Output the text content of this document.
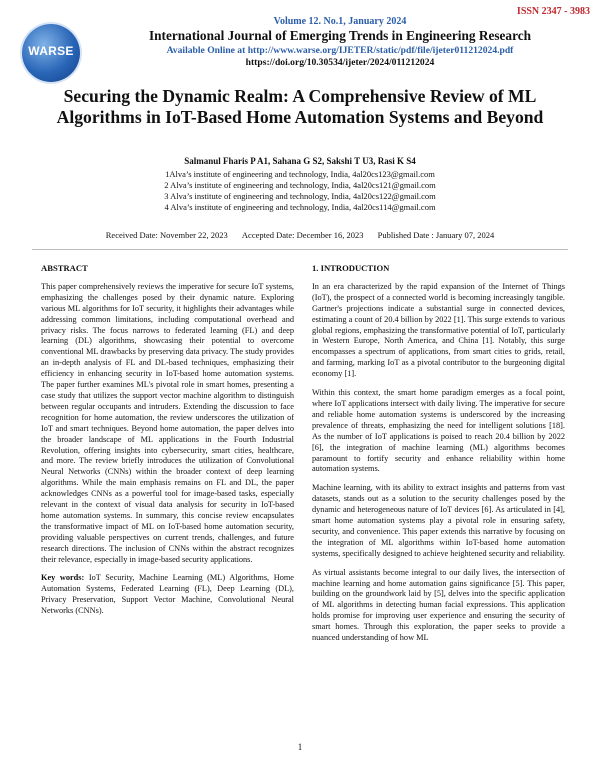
ISSN 2347 - 3983
WARSE
Volume 12. No.1, January 2024
International Journal of Emerging Trends in Engineering Research
Available Online at http://www.warse.org/IJETER/static/pdf/file/ijeter011212024.pdf
https://doi.org/10.30534/ijeter/2024/011212024
Securing the Dynamic Realm: A Comprehensive Review of ML Algorithms in IoT-Based Home Automation Systems and Beyond
Salmanul Fharis P A1, Sahana G S2, Sakshi T U3, Rasi K S4
1Alva’s institute of engineering and technology, India, 4al20cs123@gmail.com
2 Alva’s institute of engineering and technology, India, 4al20cs121@gmail.com
3 Alva’s institute of engineering and technology, India, 4al20cs122@gmail.com
4 Alva’s institute of engineering and technology, India, 4al20cs114@gmail.com
Received Date: November 22, 2023 Accepted Date: December 16, 2023 Published Date : January 07, 2024
ABSTRACT

This paper comprehensively reviews the imperative for secure IoT systems, emphasizing the challenges posed by their dynamic nature. Exploring various ML algorithms for IoT security, it highlights their advantages while addressing common limitations, including computational overhead and privacy risks. The focus narrows to federated learning (FL) and deep learning (DL) algorithms, showcasing their potential to overcome conventional ML drawbacks by preserving data privacy. The study provides an in-depth analysis of FL and DL-based techniques, emphasizing their efficiency in enhancing security in IoT-based home automation systems. The paper further examines ML's pivotal role in smart homes, presenting a case study that utilizes the support vector machine algorithm to distinguish between regular occupants and intruders. Extending the discussion to face recognition for home automation, the review underscores the utilization of IoT and smart techniques. Beyond home automation, the paper delves into the broader landscape of ML applications in the Fourth Industrial Revolution, offering insights into cybersecurity, smart cities, healthcare, and more. The review briefly introduces the utilization of Convolutional Neural Networks (CNNs) within the broader context of deep learning algorithms. While the main emphasis remains on FL and DL, the paper acknowledges CNNs as a powerful tool for image-based tasks, especially relevant in the context of visual data analysis for security in IoT-based home automation systems. In summary, this concise review encapsulates the transformative impact of ML on IoT-based home automation security, providing valuable perspectives on current trends, challenges, and future research directions. The inclusion of CNNs within the abstract recognizes their relevance, especially in image-based security applications.

Key words: IoT Security, Machine Learning (ML) Algorithms, Home Automation Systems, Federated Learning (FL), Deep Learning (DL), Privacy Preservation, Support Vector Machine, Convolutional Neural Networks (CNNs).

1. INTRODUCTION

In an era characterized by the rapid expansion of the Internet of Things (IoT), the prospect of a connected world is becoming increasingly tangible. Gartner's projections indicate a substantial surge in connected devices, estimating a count of 20.4 billion by 2022 [1]. This surge extends to various global regions, emphasizing the transformative potential of IoT, particularly in Western Europe, North America, and China [1]. Notably, this surge encompasses a spectrum of applications, from smart cities to grids, retail, and farming, marking IoT as a pivotal contributor to the burgeoning digital economy [1].

Within this context, the smart home paradigm emerges as a focal point, where IoT applications intersect with daily living. The imperative for secure and reliable home automation systems is underscored by the increasing prevalence of threats, emphasizing the need for intelligent solutions [18]. As the number of IoT applications is poised to reach 20.4 billion by 2022 [6], the integration of machine learning (ML) algorithms becomes paramount to fortify security and enhance reliability within home automation systems.

Machine learning, with its ability to extract insights and patterns from vast datasets, stands out as a solution to the security challenges posed by the dynamic and heterogeneous nature of IoT devices [6]. As articulated in [4], smart home automation systems play a pivotal role in ensuring safety, security, and convenience. This paper extends this narrative by focusing on the integration of ML algorithms within IoT-based home automation systems, specifically designed to achieve heightened security and reliability.

As virtual assistants become integral to our daily lives, the intersection of machine learning and home automation gains significance [5]. This paper, building on the groundwork laid by [5], delves into the specific application of ML algorithms in detecting human facial expressions. This application holds promise for improving user experience and ensuring the security of smart homes. Through this exploration, the paper seeks to provide a nuanced understanding of how ML

1
